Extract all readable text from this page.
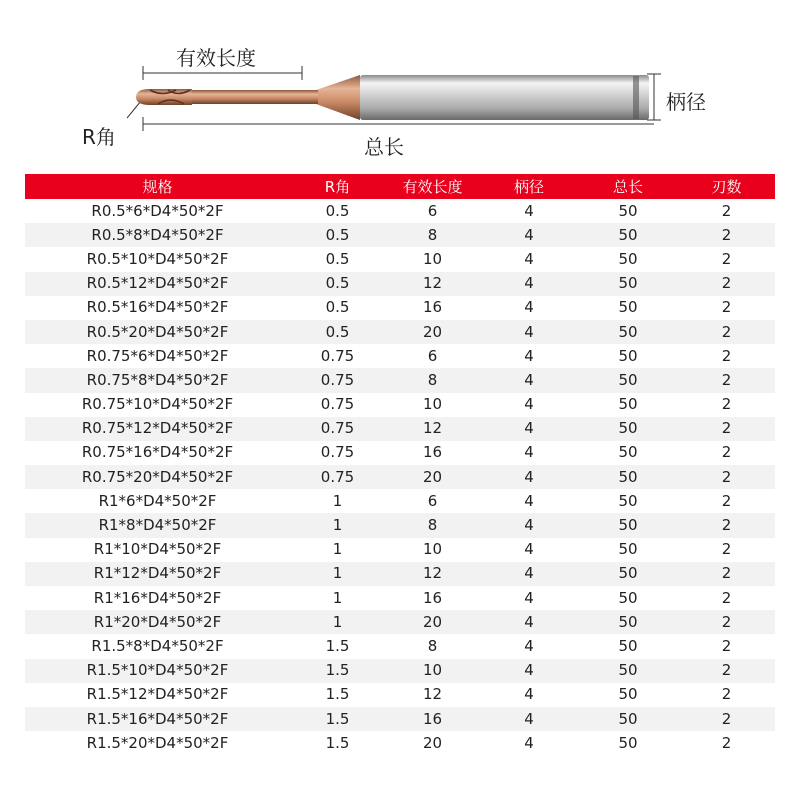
有效长度
柄径
R角	总长
规格	R角	有效长度	柄径	总长	刃数
R0.5*6*D4*50*2F	0.5	6	4	50	2
R0.5*8*D4*50*2F	0.5	8	4	50	2
R0.5*10*D4*50*2F	0.5	10	4	50	2
R0.5*12*D4*50*2F	0.5	12	4	50	2
R0.5*16*D4*50*2F	0.5	16	4	50	2
R0.5*20*D4*50*2F	0.5	20	4	50	2
R0.75*6*D4*50*2F	0.75	6	4	50	2
R0.75*8*D4*50*2F	0.75	8	4	50	2
R0.75*10*D4*50*2F	0.75	10	4	50	2
R0.75*12*D4*50*2F	0.75	12	4	50	2
R0.75*16*D4*50*2F	0.75	16	4	50	2
R0.75*20*D4*50*2F	0.75	20	4	50	2
R1*6*D4*50*2F	1	6	4	50	2
R1*8*D4*50*2F	1	8	4	50	2
R1*10*D4*50*2F	1	10	4	50	2
R1*12*D4*50*2F	1	12	4	50	2
R1*16*D4*50*2F	1	16	4	50	2
R1*20*D4*50*2F	1	20	4	50	2
R1.5*8*D4*50*2F	1.5	8	4	50	2
R1.5*10*D4*50*2F	1.5	10	4	50	2
R1.5*12*D4*50*2F	1.5	12	4	50	2
R1.5*16*D4*50*2F	1.5	16	4	50	2
R1.5*20*D4*50*2F	1.5	20	4	50	2
